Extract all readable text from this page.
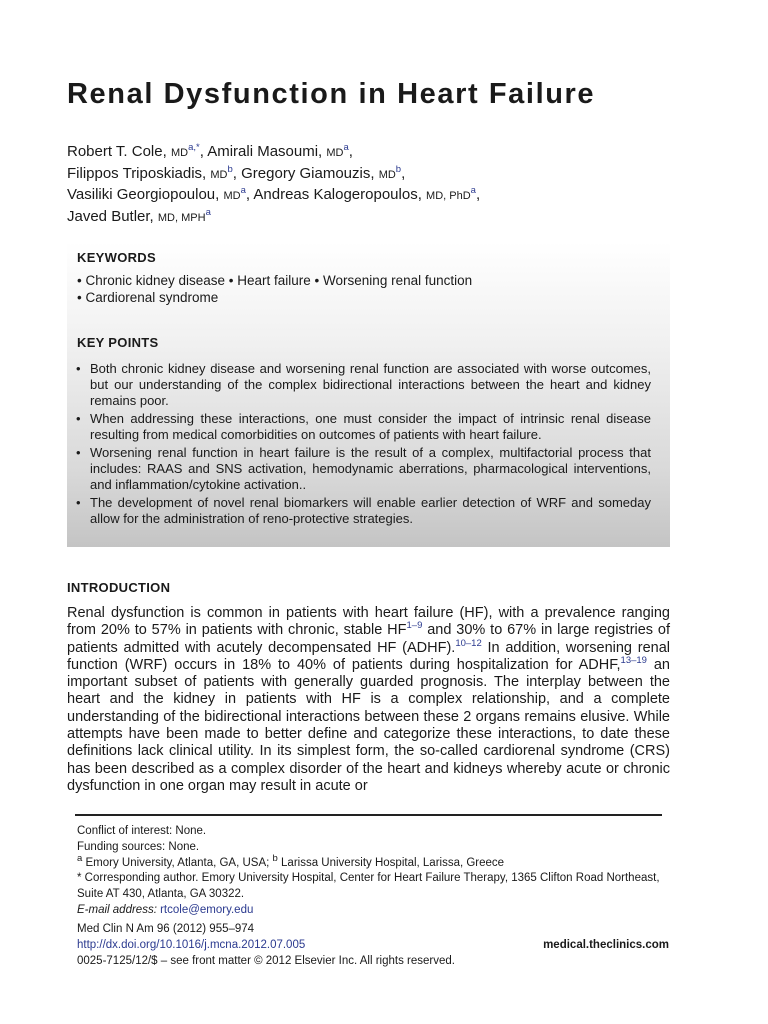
Renal Dysfunction in Heart Failure
Robert T. Cole, $MD^{a,*}$, Amirali Masoumi, $MD^a$,
Filippos Triposkiadis, $MD^b$, Gregory Giamouzis, $MD^b$,
Vasiliki Georgiopoulou, $MD^a$, Andreas Kalogeropoulos, MD, PhD$^a$,
Javed Butler, MD, MPH$^a$
KEYWORDS
• Chronic kidney disease • Heart failure • Worsening renal function
• Cardiorenal syndrome
KEY POINTS
• Both chronic kidney disease and worsening renal function are associated with worse outcomes, but our understanding of the complex bidirectional interactions between the heart and kidney remains poor.
• When addressing these interactions, one must consider the impact of intrinsic renal disease resulting from medical comorbidities on outcomes of patients with heart failure.
• Worsening renal function in heart failure is the result of a complex, multifactorial process that includes: RAAS and SNS activation, hemodynamic aberrations, pharmacological interventions, and inflammation/cytokine activation..
• The development of novel renal biomarkers will enable earlier detection of WRF and someday allow for the administration of reno-protective strategies.
INTRODUCTION

Renal dysfunction is common in patients with heart failure (HF), with a prevalence ranging from 20% to 57% in patients with chronic, stable HF$^{1-9}$ and 30% to 67% in large registries of patients admitted with acutely decompensated HF (ADHF).$^{10-12}$ In addition, worsening renal function (WRF) occurs in 18% to 40% of patients during hospitalization for ADHF,$^{13-19}$ an important subset of patients with generally guarded prognosis. The interplay between the heart and the kidney in patients with HF is a complex relationship, and a complete understanding of the bidirectional interactions between these 2 organs remains elusive. While attempts have been made to better define and categorize these interactions, to date these definitions lack clinical utility. In its simplest form, the so-called cardiorenal syndrome (CRS) has been described as a complex disorder of the heart and kidneys whereby acute or chronic dysfunction in one organ may result in acute or

Conflict of interest: None.
Funding sources: None.
$^a$ Emory University, Atlanta, GA, USA; $^b$ Larissa University Hospital, Larissa, Greece
* Corresponding author. Emory University Hospital, Center for Heart Failure Therapy, 1365 Clifton Road Northeast, Suite AT 430, Atlanta, GA 30322.
E-mail address: rtcole@emory.edu
Med Clin N Am 96 (2012) 955–974
http://dx.doi.org/10.1016/j.mcna.2012.07.005	medical.theclinics.com
0025-7125/12/$ – see front matter © 2012 Elsevier Inc. All rights reserved.
